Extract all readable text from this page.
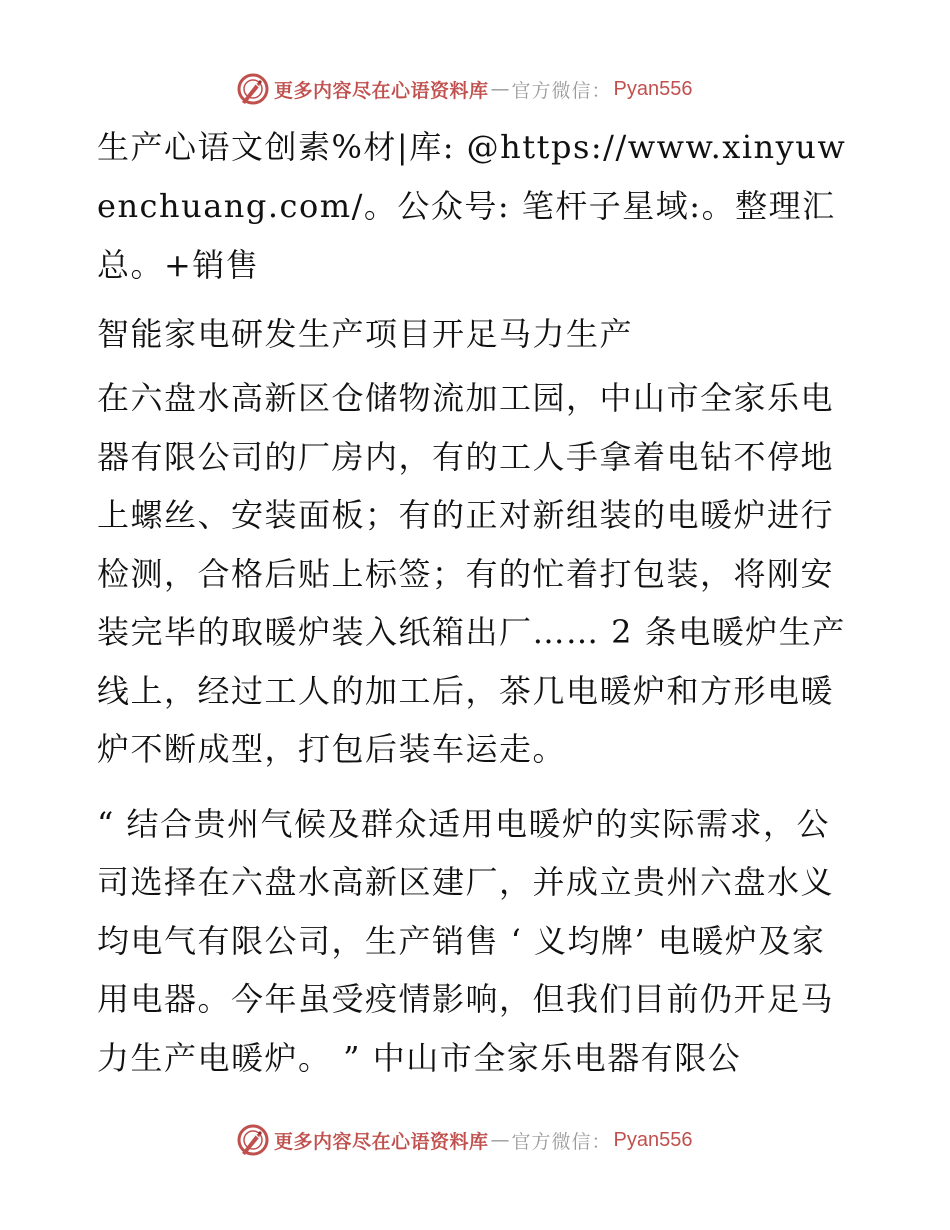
更多内容尽在心语资料库 — 官方微信： Pyan556

生产心语文创素%材|库: @https://www.xinyuwenchuang.com/。公众号: 笔杆子星域:。整理汇总。+销售

智能家电研发生产项目开足马力生产

在六盘水高新区仓储物流加工园，中山市全家乐电器有限公司的厂房内，有的工人手拿着电钻不停地上螺丝、安装面板；有的正对新组装的电暖炉进行检测，合格后贴上标签；有的忙着打包装，将刚安装完毕的取暖炉装入纸箱出厂…… 2 条电暖炉生产线上，经过工人的加工后，茶几电暖炉和方形电暖炉不断成型，打包后装车运走。

“ 结合贵州气候及群众适用电暖炉的实际需求，公司选择在六盘水高新区建厂，并成立贵州六盘水义均电气有限公司，生产销售 ‘ 义均牌’ 电暖炉及家用电器。今年虽受疫情影响，但我们目前仍开足马力生产电暖炉。 ” 中山市全家乐电器有限公

更多内容尽在心语资料库 — 官方微信： Pyan556
